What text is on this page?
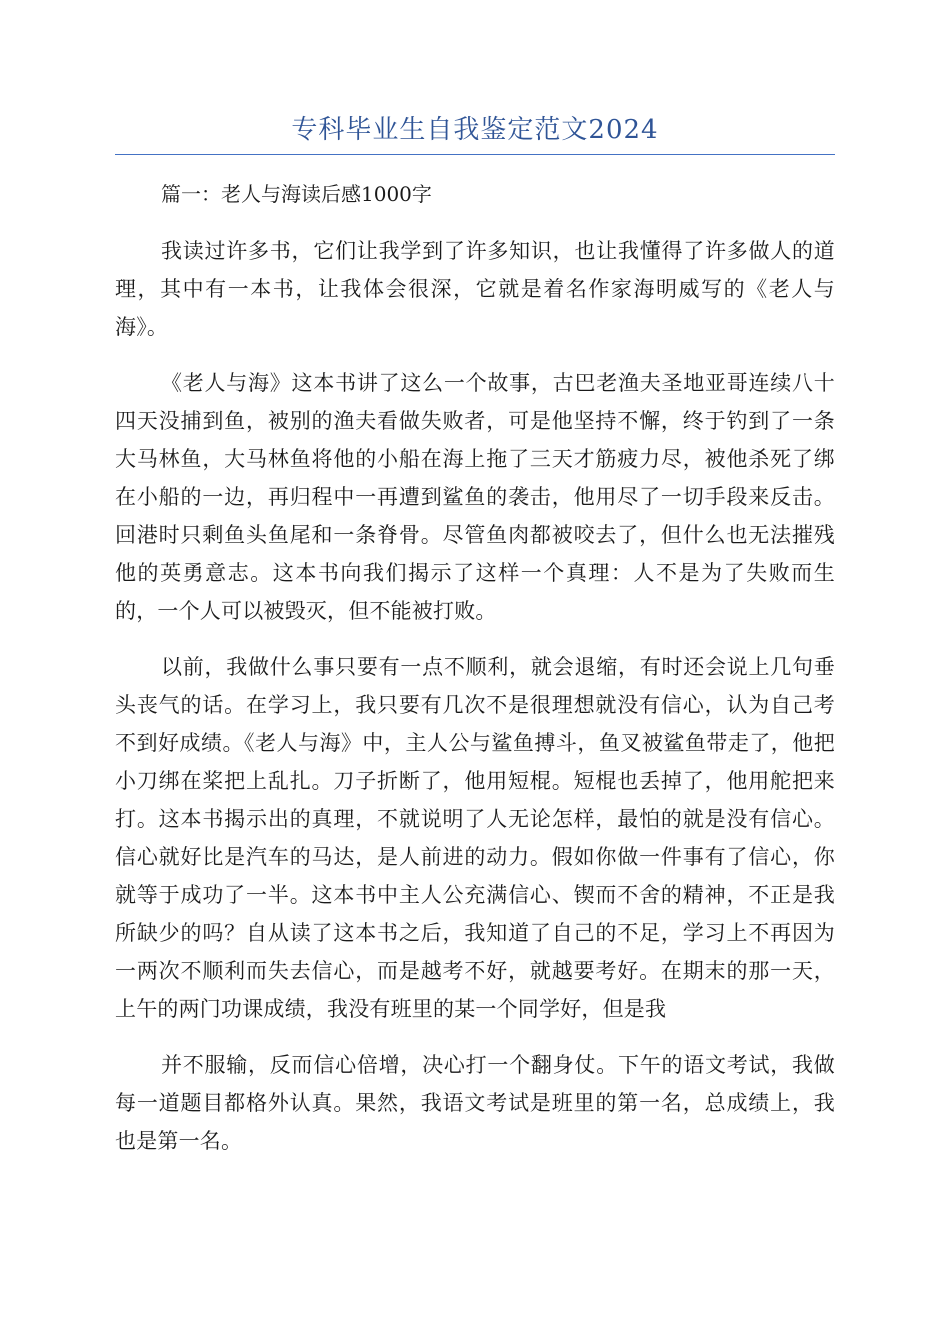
专科毕业生自我鉴定范文2024

篇一：老人与海读后感1000字

我读过许多书，它们让我学到了许多知识，也让我懂得了许多做人的道理，其中有一本书，让我体会很深，它就是着名作家海明威写的《老人与海》。

《老人与海》这本书讲了这么一个故事，古巴老渔夫圣地亚哥连续八十四天没捕到鱼，被别的渔夫看做失败者，可是他坚持不懈，终于钓到了一条大马林鱼，大马林鱼将他的小船在海上拖了三天才筋疲力尽，被他杀死了绑在小船的一边，再归程中一再遭到鲨鱼的袭击，他用尽了一切手段来反击。回港时只剩鱼头鱼尾和一条脊骨。尽管鱼肉都被咬去了，但什么也无法摧残他的英勇意志。这本书向我们揭示了这样一个真理：人不是为了失败而生的，一个人可以被毁灭，但不能被打败。

以前，我做什么事只要有一点不顺利，就会退缩，有时还会说上几句垂头丧气的话。在学习上，我只要有几次不是很理想就没有信心，认为自己考不到好成绩。《老人与海》中，主人公与鲨鱼搏斗，鱼叉被鲨鱼带走了，他把小刀绑在桨把上乱扎。刀子折断了，他用短棍。短棍也丢掉了，他用舵把来打。这本书揭示出的真理，不就说明了人无论怎样，最怕的就是没有信心。信心就好比是汽车的马达，是人前进的动力。假如你做一件事有了信心，你就等于成功了一半。这本书中主人公充满信心、锲而不舍的精神，不正是我所缺少的吗？自从读了这本书之后，我知道了自己的不足，学习上不再因为一两次不顺利而失去信心，而是越考不好，就越要考好。在期末的那一天，上午的两门功课成绩，我没有班里的某一个同学好，但是我

并不服输，反而信心倍增，决心打一个翻身仗。下午的语文考试，我做每一道题目都格外认真。果然，我语文考试是班里的第一名，总成绩上，我也是第一名。
